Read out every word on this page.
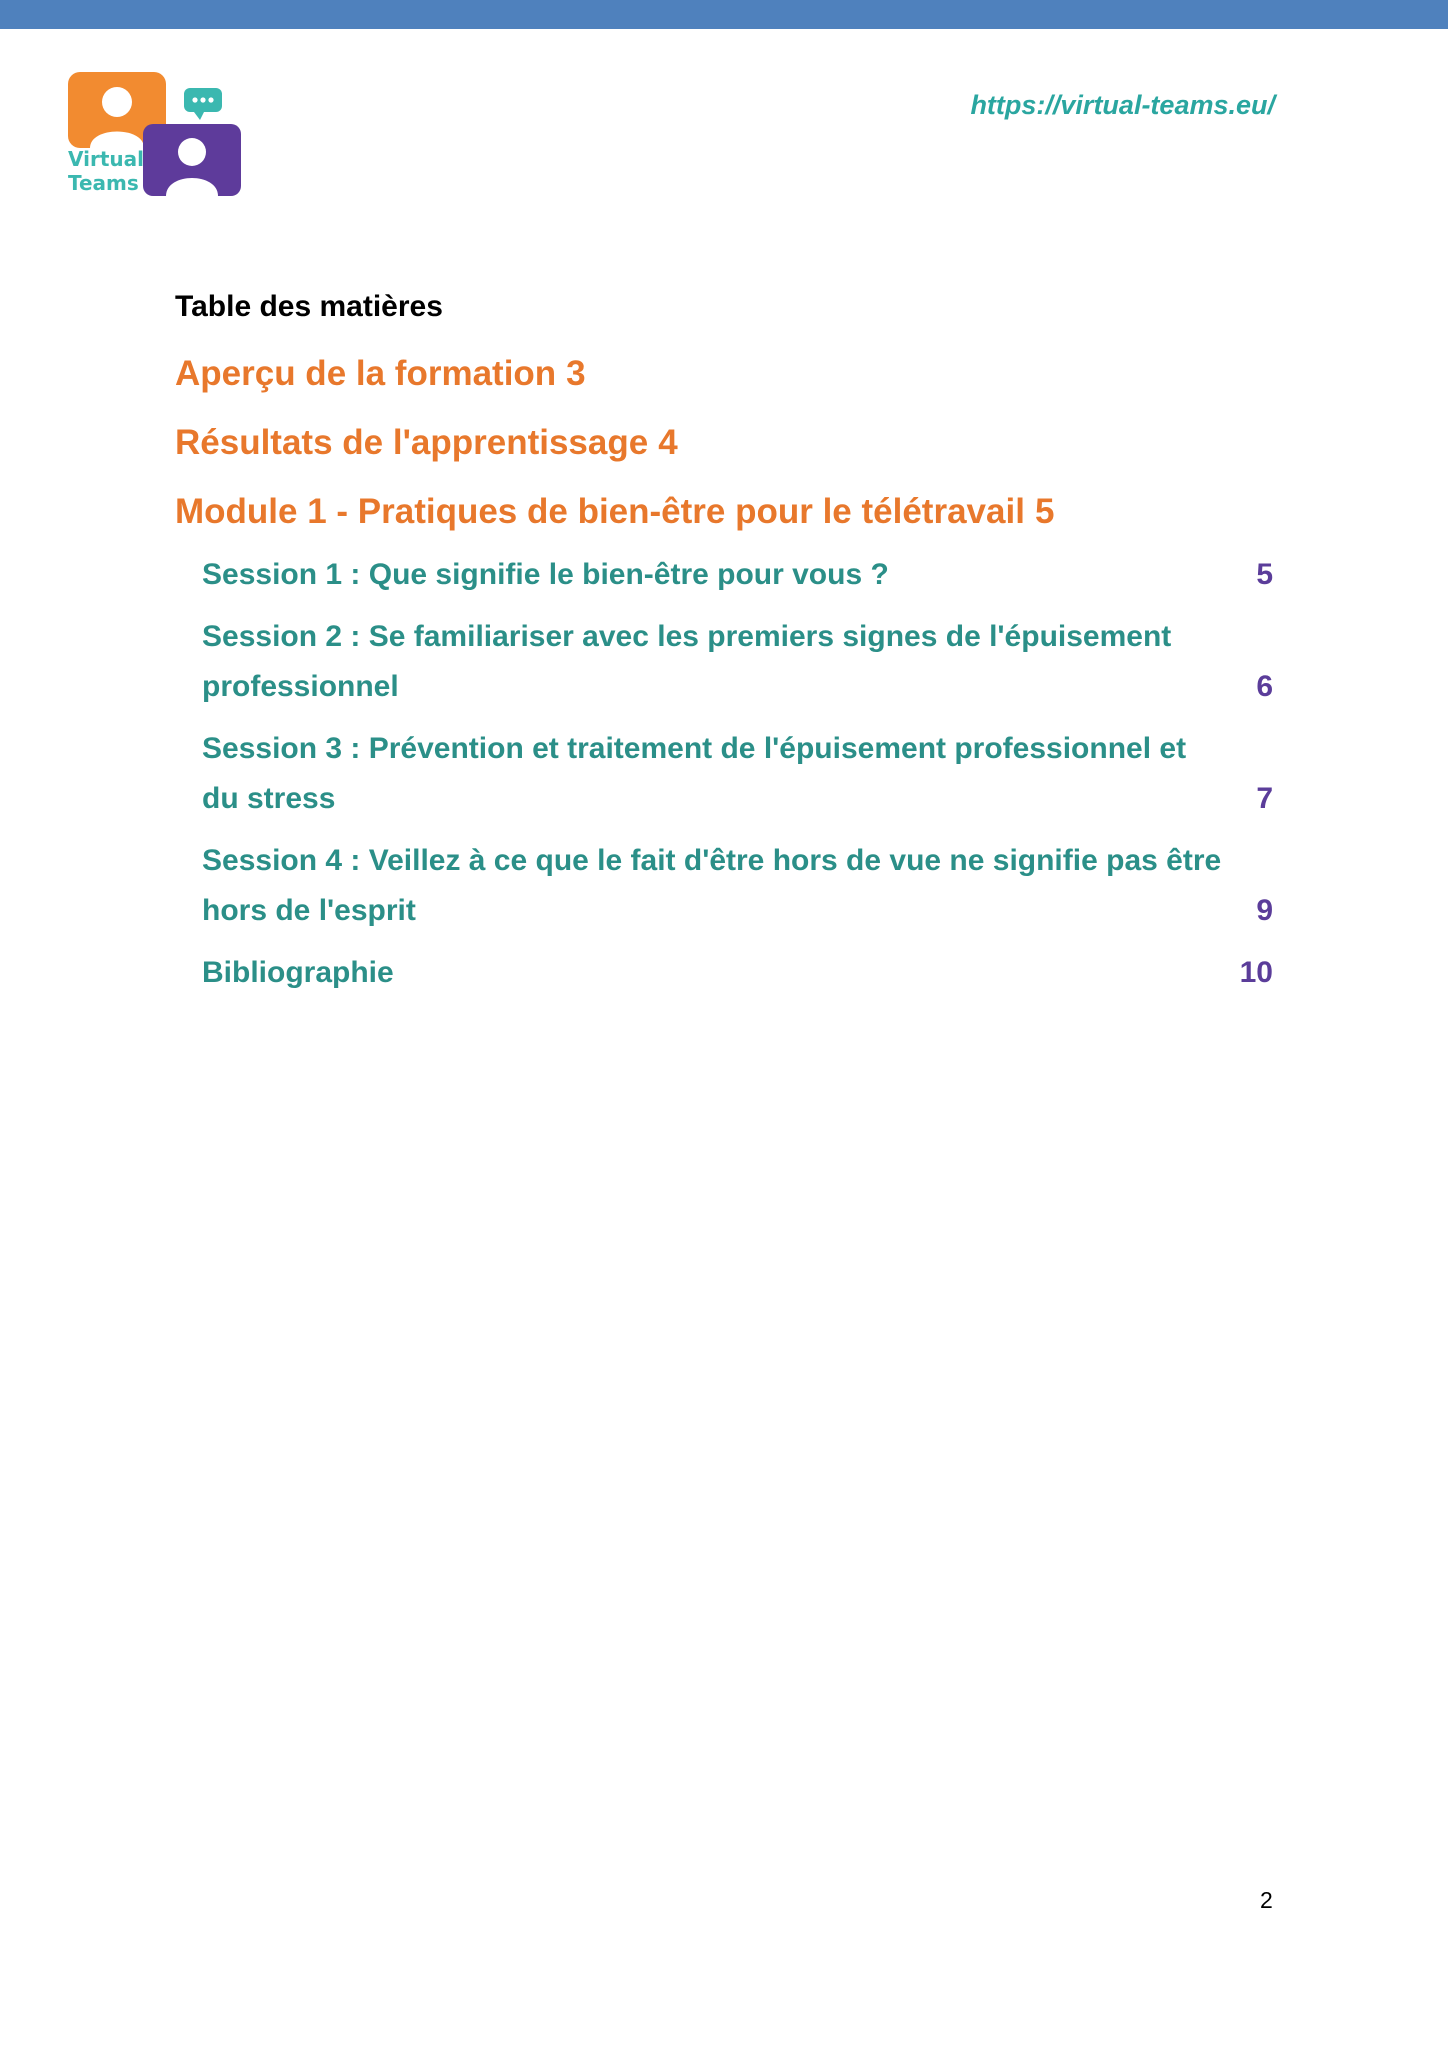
Virtual
Teams
https://virtual-teams.eu/
Table des matières
Aperçu de la formation 3
Résultats de l'apprentissage 4
Module 1 - Pratiques de bien-être pour le télétravail 5
Session 1 : Que signifie le bien-être pour vous ?	5
Session 2 : Se familiariser avec les premiers signes de l'épuisement professionnel	6
Session 3 : Prévention et traitement de l'épuisement professionnel et du stress	7
Session 4 : Veillez à ce que le fait d'être hors de vue ne signifie pas être hors de l'esprit	9
Bibliographie	10
2
